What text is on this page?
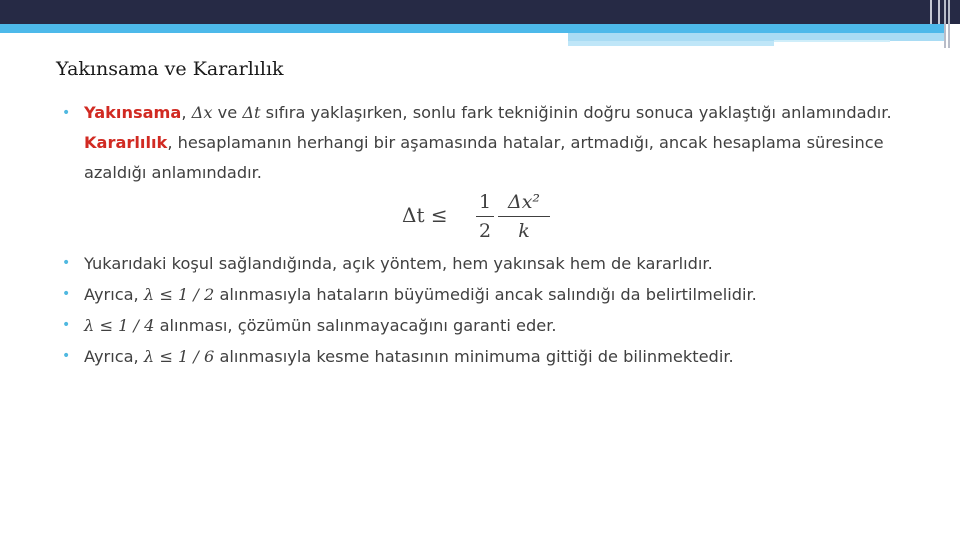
Yakınsama ve Kararlılık
• Yakınsama, Δx ve Δt sıfıra yaklaşırken, sonlu fark tekniğinin doğru sonuca yaklaştığı anlamındadır. Kararlılık, hesaplamanın herhangi bir aşamasında hatalar, artmadığı, ancak hesaplama süresince azaldığı anlamındadır.
$\Delta t \le \frac{1}{2} \frac{\text{Δx²}}{k}$
• Yukarıdaki koşul sağlandığında, açık yöntem, hem yakınsak hem de kararlıdır.
• Ayrıca, λ ≤ 1 / 2 alınmasıyla hataların büyümediği ancak salındığı da belirtilmelidir.
• λ ≤ 1 / 4 alınması, çözümün salınmayacağını garanti eder.
• Ayrıca, λ ≤ 1 / 6 alınmasıyla kesme hatasının minimuma gittiği de bilinmektedir.
